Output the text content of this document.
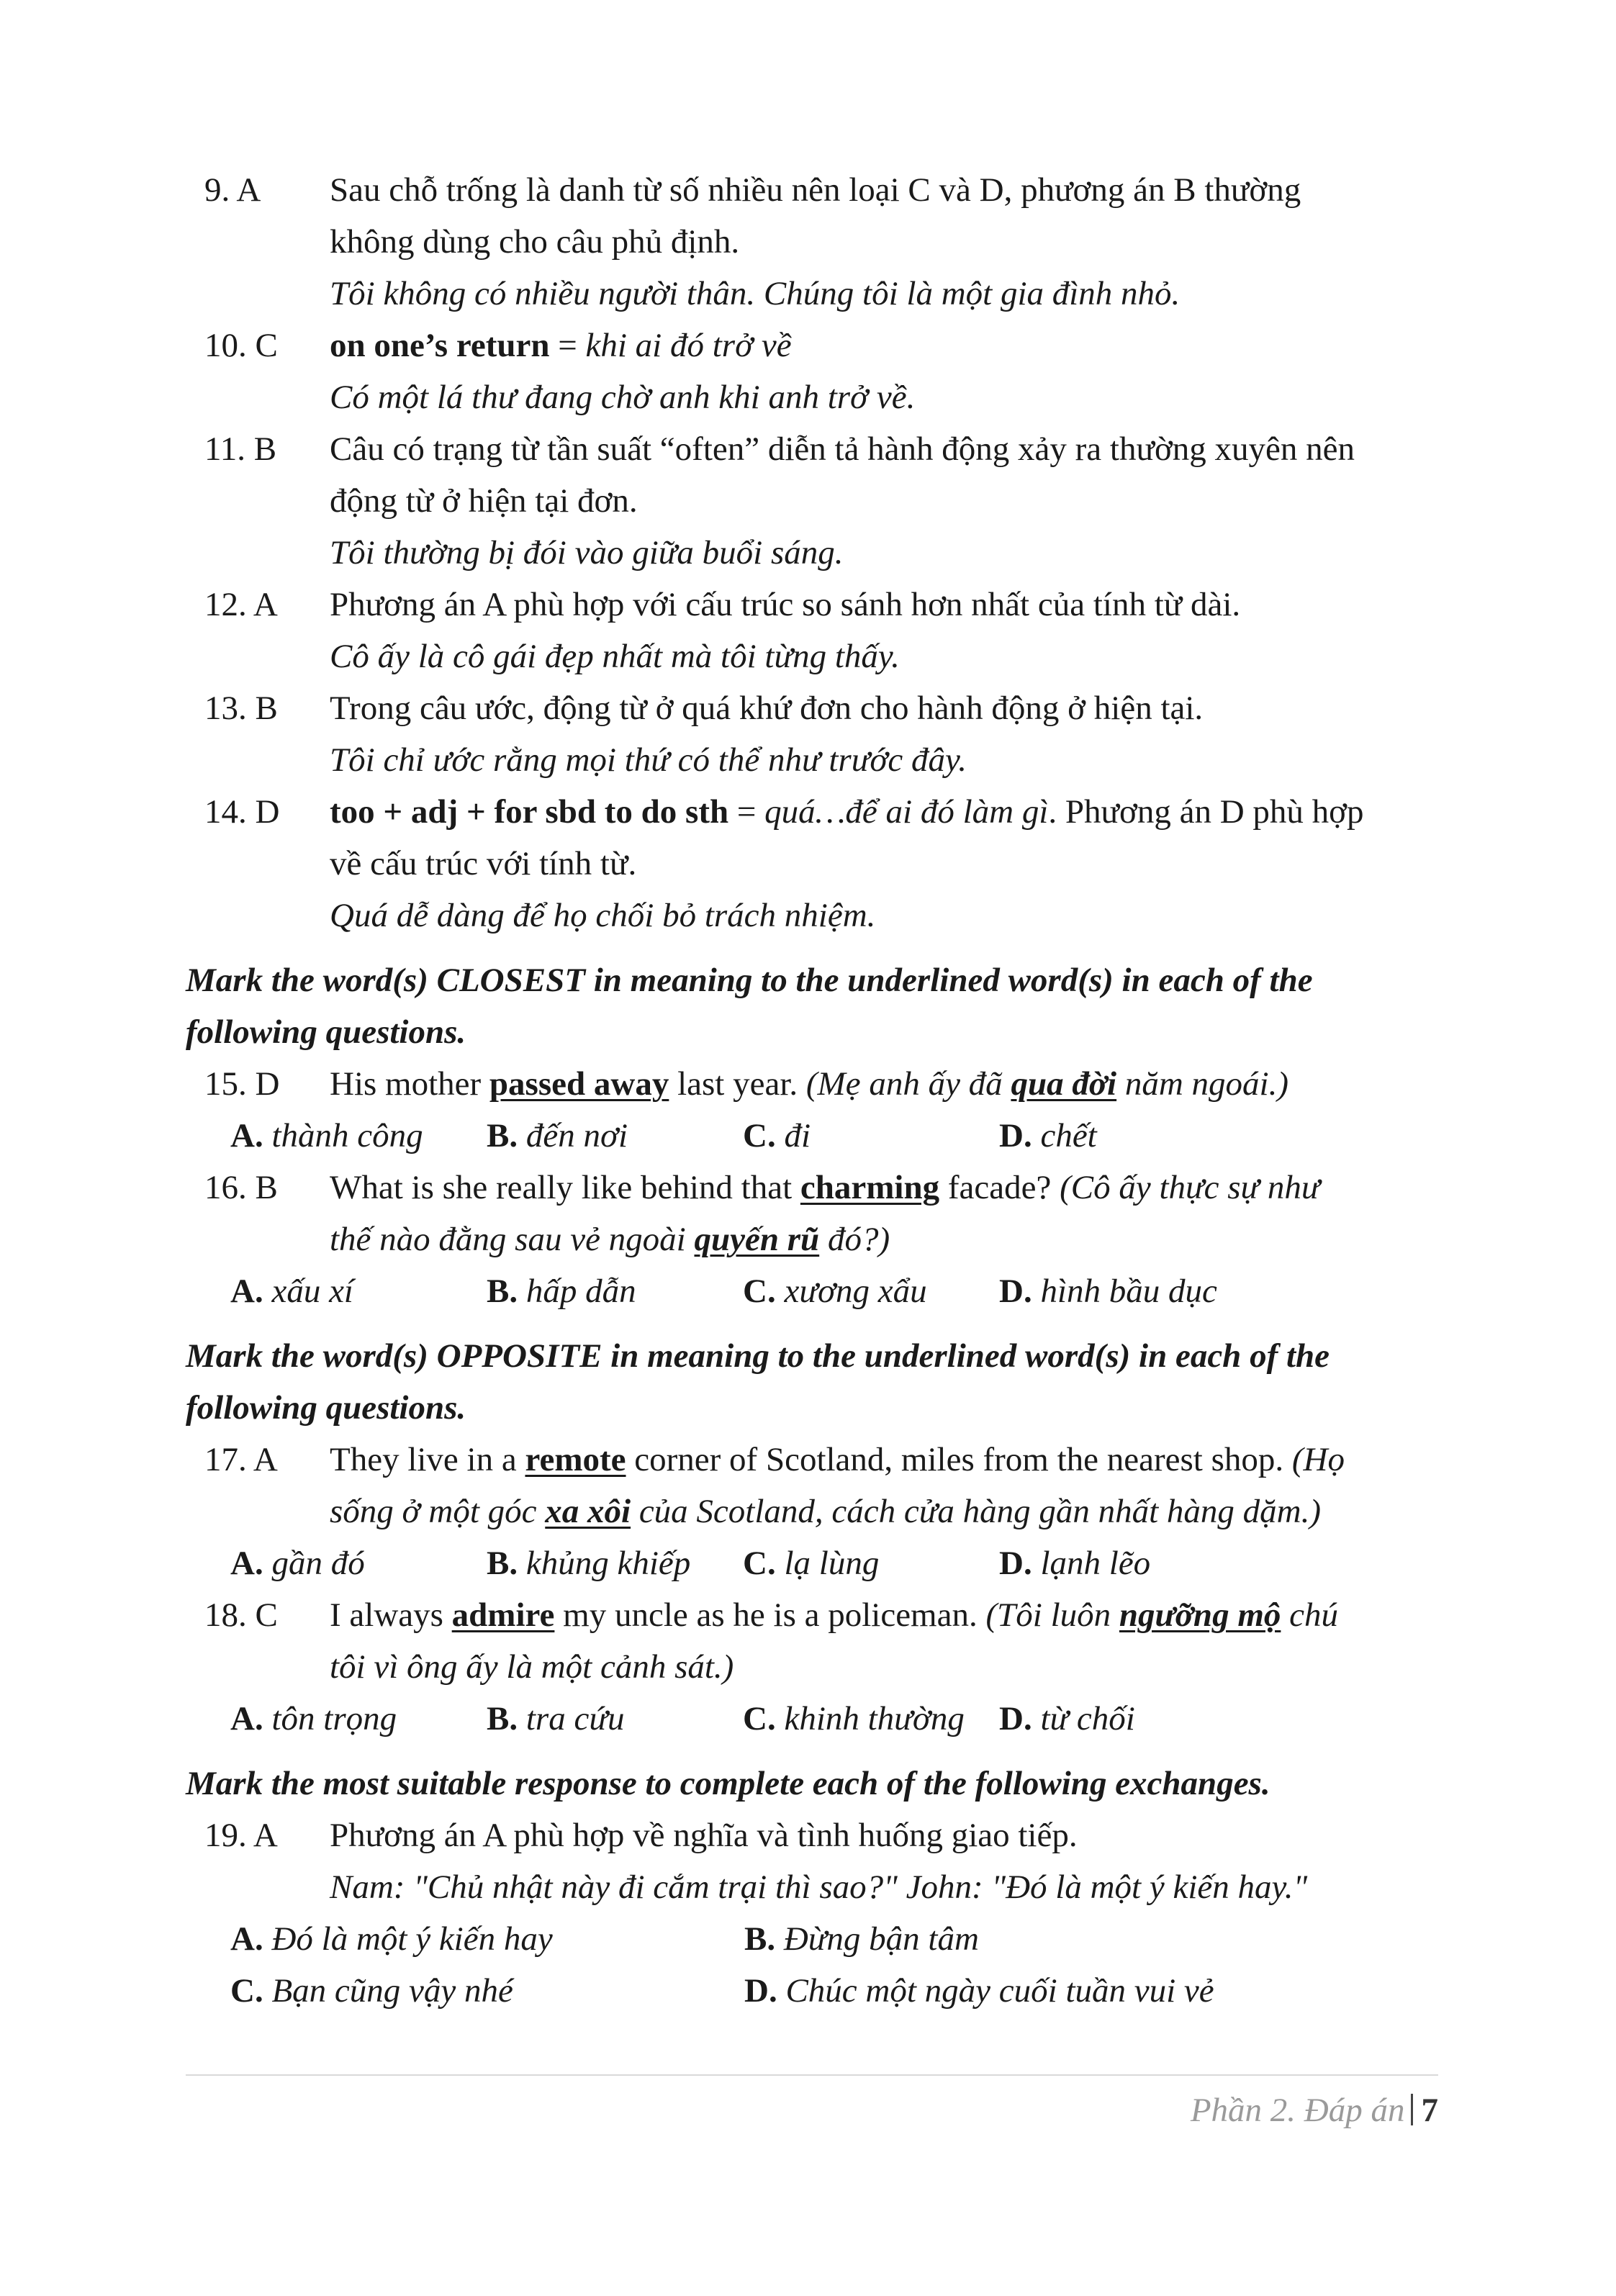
9. A Sau chỗ trống là danh từ số nhiều nên loại C và D, phương án B thường
không dùng cho câu phủ định.
Tôi không có nhiều người thân. Chúng tôi là một gia đình nhỏ.
10. C on one’s return = khi ai đó trở về
Có một lá thư đang chờ anh khi anh trở về.
11. B Câu có trạng từ tần suất “often” diễn tả hành động xảy ra thường xuyên nên
động từ ở hiện tại đơn.
Tôi thường bị đói vào giữa buổi sáng.
12. A Phương án A phù hợp với cấu trúc so sánh hơn nhất của tính từ dài.
Cô ấy là cô gái đẹp nhất mà tôi từng thấy.
13. B Trong câu ước, động từ ở quá khứ đơn cho hành động ở hiện tại.
Tôi chỉ ước rằng mọi thứ có thể như trước đây.
14. D too + adj + for sbd to do sth = quá…để ai đó làm gì. Phương án D phù hợp
về cấu trúc với tính từ.
Quá dễ dàng để họ chối bỏ trách nhiệm.
Mark the word(s) CLOSEST in meaning to the underlined word(s) in each of the
following questions.
15. D His mother passed away last year. (Mẹ anh ấy đã qua đời năm ngoái.)
A. thành công	B. đến nơi	C. đi	D. chết
16. B What is she really like behind that charming facade? (Cô ấy thực sự như
thế nào đằng sau vẻ ngoài quyến rũ đó?)
A. xấu xí	B. hấp dẫn	C. xương xẩu	D. hình bầu dục
Mark the word(s) OPPOSITE in meaning to the underlined word(s) in each of the
following questions.
17. A They live in a remote corner of Scotland, miles from the nearest shop. (Họ
sống ở một góc xa xôi của Scotland, cách cửa hàng gần nhất hàng dặm.)
A. gần đó	B. khủng khiếp	C. lạ lùng	D. lạnh lẽo
18. C I always admire my uncle as he is a policeman. (Tôi luôn ngưỡng mộ chú
tôi vì ông ấy là một cảnh sát.)
A. tôn trọng	B. tra cứu	C. khinh thường	D. từ chối
Mark the most suitable response to complete each of the following exchanges.
19. A Phương án A phù hợp về nghĩa và tình huống giao tiếp.
Nam: "Chủ nhật này đi cắm trại thì sao?" John: "Đó là một ý kiến hay."
A. Đó là một ý kiến hay	B. Đừng bận tâm
C. Bạn cũng vậy nhé	D. Chúc một ngày cuối tuần vui vẻ
Phần 2. Đáp án 7
